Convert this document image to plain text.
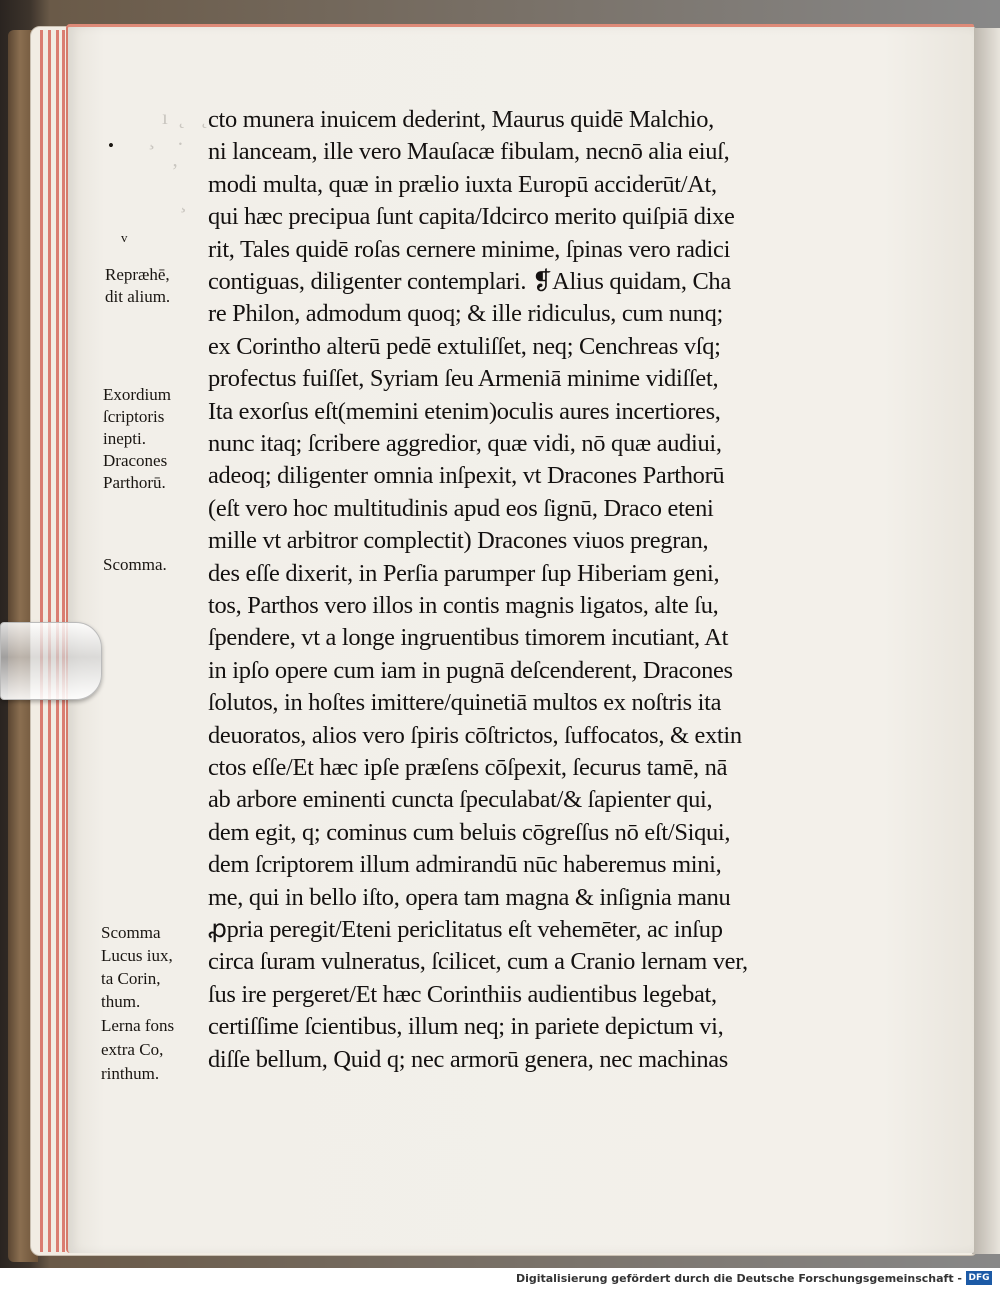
ı  ˛   ˛
̧     .
,

̧
•
v
Repræhē,
dit alium.
Exordium
ſcriptoris
inepti.
Dracones
Parthorū.
Scomma.
Scomma
Lucus iux,
ta Corin,
thum.
Lerna fons
extra Co,
rinthum.
cto munera inuicem dederint, Maurus quidē Malchio,
ni lanceam, ille vero Mauſacæ fibulam, necnō alia eiuſ,
modi multa, quæ in prælio iuxta Europū acciderūt/At,
qui hæc precipua ſunt capita/Idcirco merito quiſpiā dixe
rit, Tales quidē roſas cernere minime, ſpinas vero radici
contiguas, diligenter contemplari. ❡Alius quidam, Cha
re Philon, admodum quoq; & ille ridiculus, cum nunq;
ex Corintho alterū pedē extuliſſet, neq; Cenchreas vſq;
profectus fuiſſet, Syriam ſeu Armeniā minime vidiſſet,
Ita exorſus eſt(memini etenim)oculis aures incertiores,
nunc itaq; ſcribere aggredior, quæ vidi, nō quæ audiui,
adeoq; diligenter omnia inſpexit, vt Dracones Parthorū
(eſt vero hoc multitudinis apud eos ſignū, Draco eteni
mille vt arbitror complectit) Dracones viuos pregran,
des eſſe dixerit, in Perſia parumper ſup Hiberiam geni,
tos, Parthos vero illos in contis magnis ligatos, alte ſu,
ſpendere, vt a longe ingruentibus timorem incutiant, At
in ipſo opere cum iam in pugnā deſcenderent, Dracones
ſolutos, in hoſtes imittere/quinetiā multos ex noſtris ita
deuoratos, alios vero ſpiris cōſtrictos, ſuffocatos, & extin
ctos eſſe/Et hæc ipſe præſens cōſpexit, ſecurus tamē, nā
ab arbore eminenti cuncta ſpeculabat/& ſapienter qui,
dem egit, q; cominus cum beluis cōgreſſus nō eſt/Siqui,
dem ſcriptorem illum admirandū nūc haberemus mini,
me, qui in bello iſto, opera tam magna & inſignia manu
ꝓpria peregit/Eteni periclitatus eſt vehemēter, ac inſup
circa ſuram vulneratus, ſcilicet, cum a Cranio lernam ver,
ſus ire pergeret/Et hæc Corinthiis audientibus legebat,
certiſſime ſcientibus, illum neq; in pariete depictum vi,
diſſe bellum, Quid q; nec armorū genera, nec machinas
Digitalisierung gefördert durch die Deutsche Forschungsgemeinschaft - DFG
